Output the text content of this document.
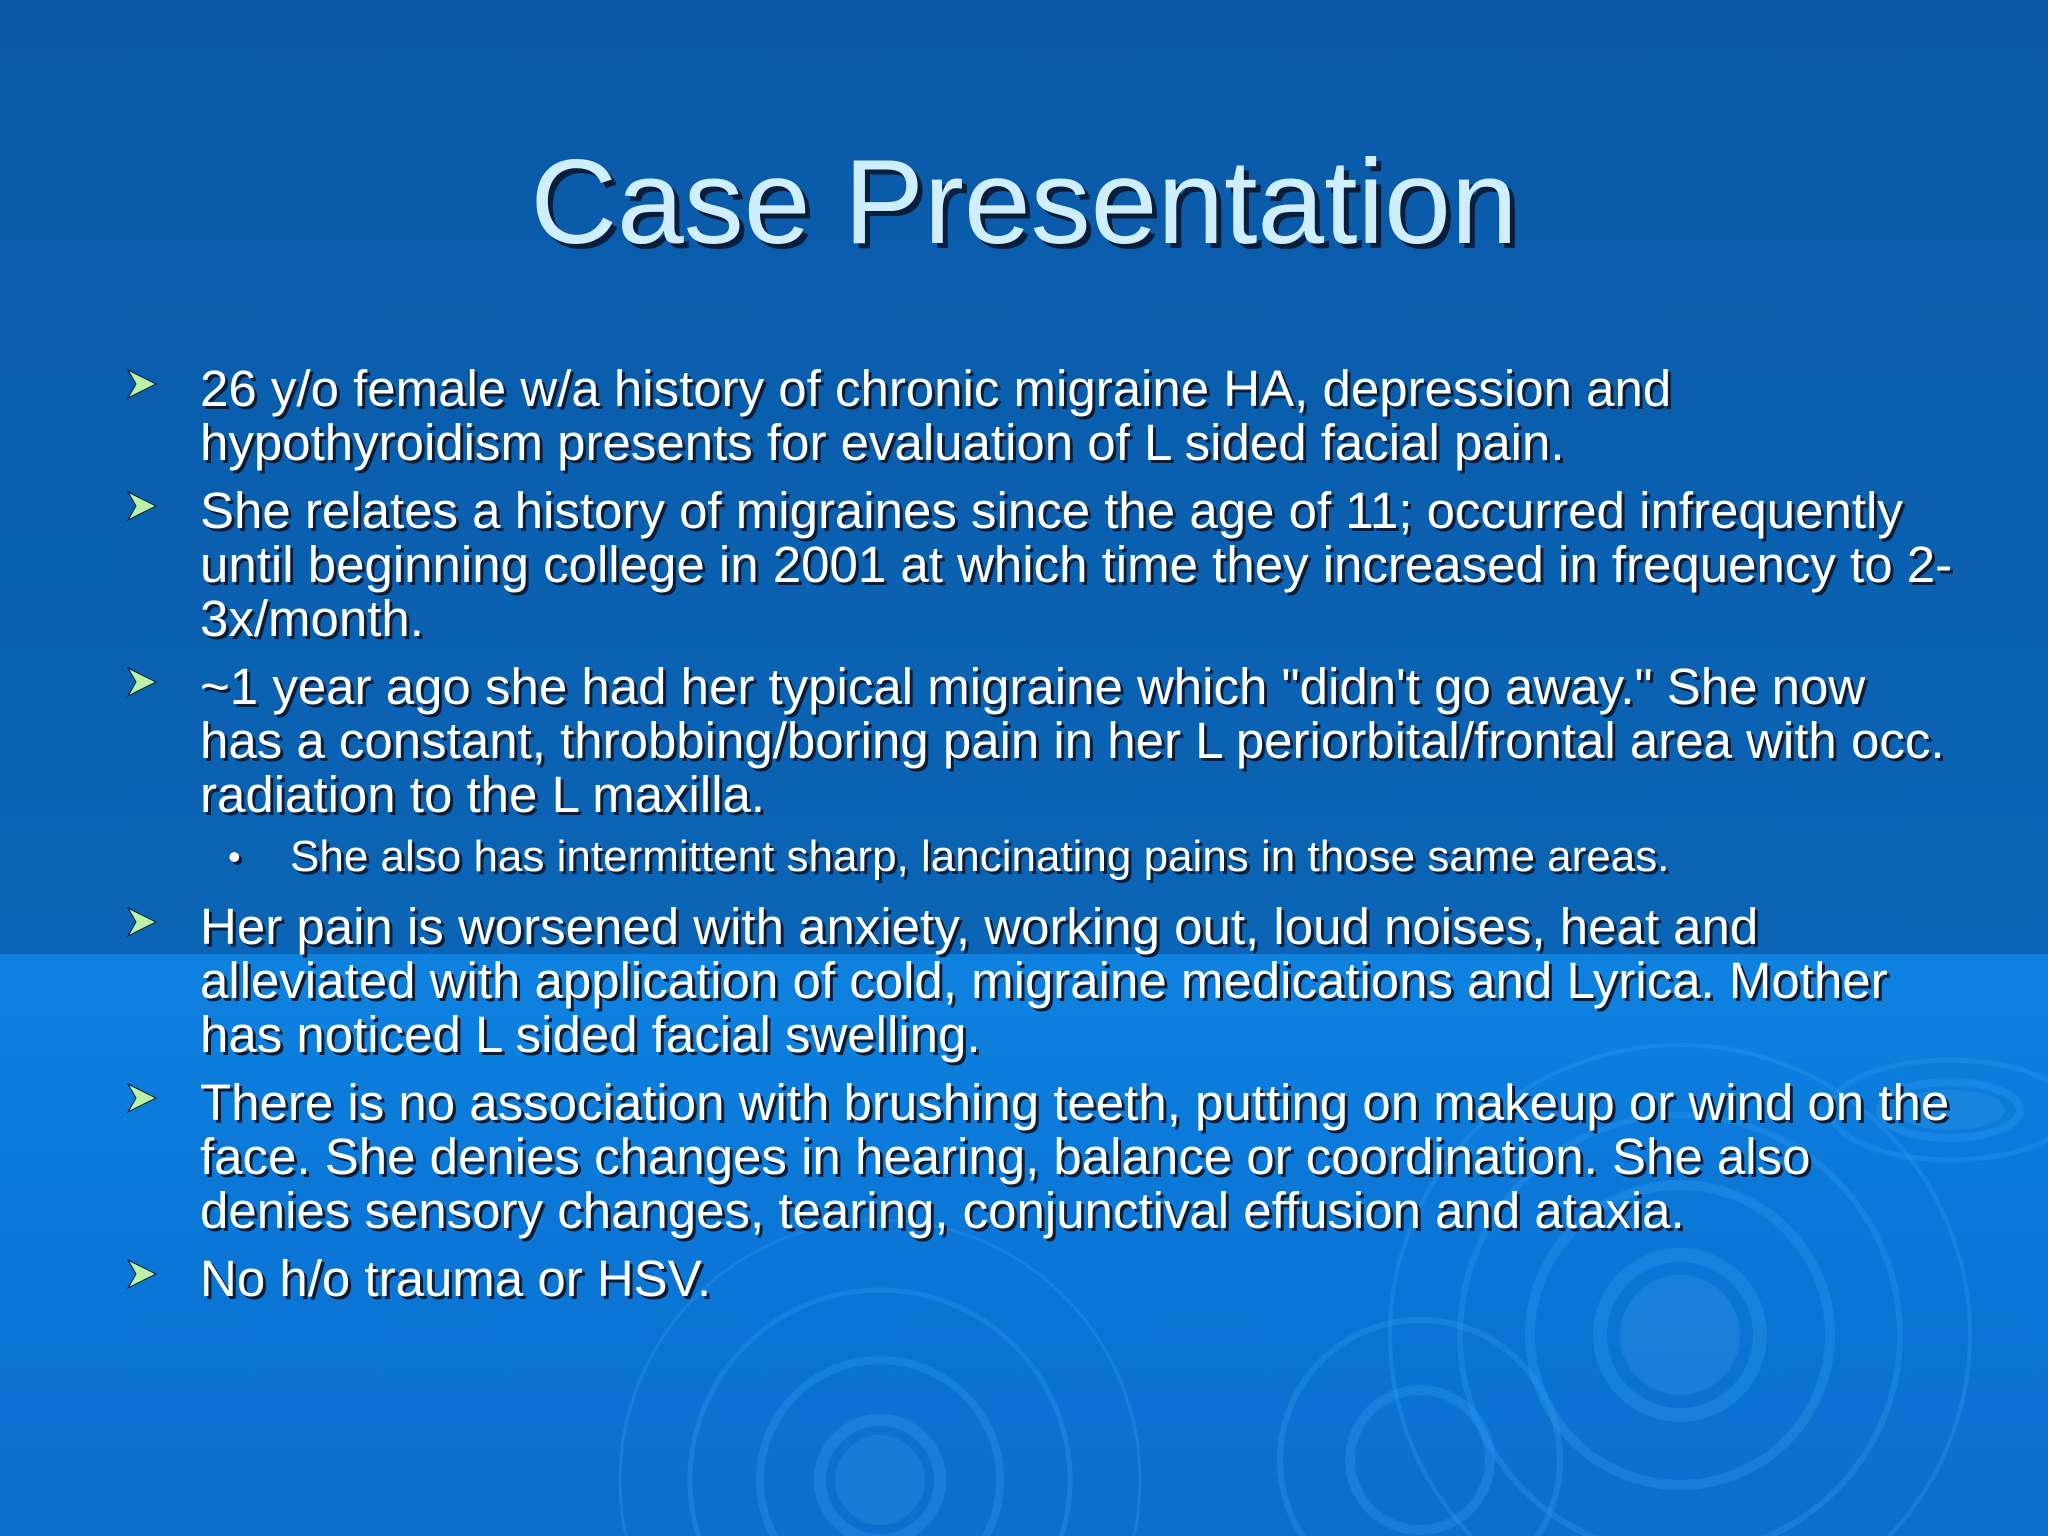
Case Presentation
26 y/o female w/a history of chronic migraine HA, depression and hypothyroidism presents for evaluation of L sided facial pain.
She relates a history of migraines since the age of 11; occurred infrequently until beginning college in 2001 at which time they increased in frequency to 2-3x/month.
~1 year ago she had her typical migraine which "didn't go away." She now has a constant, throbbing/boring pain in her L periorbital/frontal area with occ. radiation to the L maxilla.
• She also has intermittent sharp, lancinating pains in those same areas.
Her pain is worsened with anxiety, working out, loud noises, heat and alleviated with application of cold, migraine medications and Lyrica. Mother has noticed L sided facial swelling.
There is no association with brushing teeth, putting on makeup or wind on the face. She denies changes in hearing, balance or coordination. She also denies sensory changes, tearing, conjunctival effusion and ataxia.
No h/o trauma or HSV.
